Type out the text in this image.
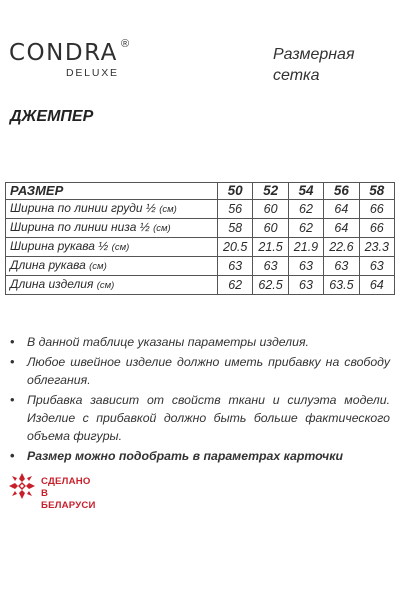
CONDRA ®
DELUXE
Размерная
сетка
ДЖЕМПЕР
РАЗМЕР	50	52	54	56	58
Ширина по линии груди ½ (см)	56	60	62	64	66
Ширина по линии низа ½ (см)	58	60	62	64	66
Ширина рукава ½ (см)	20.5	21.5	21.9	22.6	23.3
Длина рукава (см)	63	63	63	63	63
Длина изделия (см)	62	62.5	63	63.5	64
• В данной таблице указаны параметры изделия.
• Любое швейное изделие должно иметь прибавку на свободу облегания.
• Прибавка зависит от свойств ткани и силуэта модели. Изделие с прибавкой должно быть больше фактического объема фигуры.
• Размер можно подобрать в параметрах карточки
СДЕЛАНО
В БЕЛАРУСИ
